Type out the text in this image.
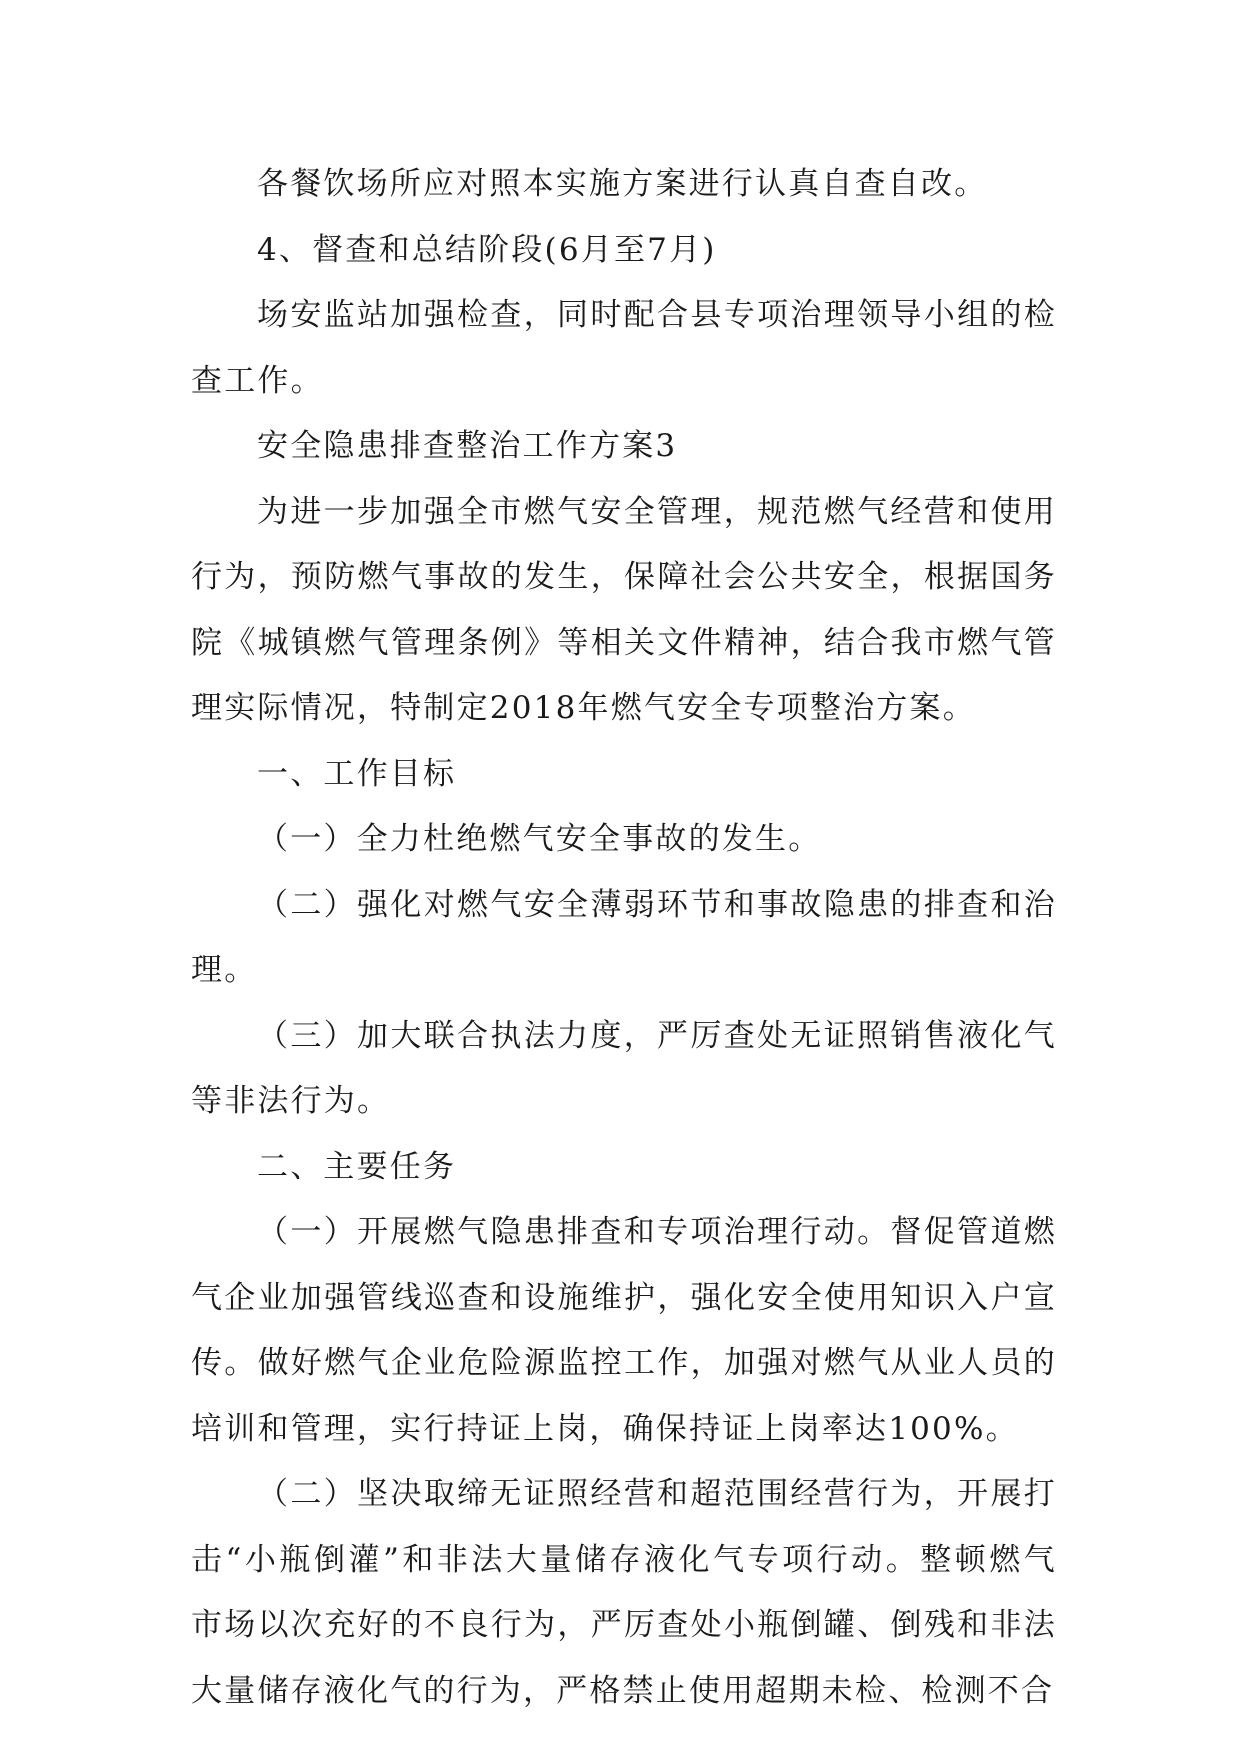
各餐饮场所应对照本实施方案进行认真自查自改。

4、督查和总结阶段(6月至7月)

场安监站加强检查，同时配合县专项治理领导小组的检查工作。

安全隐患排查整治工作方案3

为进一步加强全市燃气安全管理，规范燃气经营和使用行为，预防燃气事故的发生，保障社会公共安全，根据国务院《城镇燃气管理条例》等相关文件精神，结合我市燃气管理实际情况，特制定2018年燃气安全专项整治方案。

一、工作目标

（一）全力杜绝燃气安全事故的发生。

（二）强化对燃气安全薄弱环节和事故隐患的排查和治理。

（三）加大联合执法力度，严厉查处无证照销售液化气等非法行为。

二、主要任务

（一）开展燃气隐患排查和专项治理行动。督促管道燃气企业加强管线巡查和设施维护，强化安全使用知识入户宣传。做好燃气企业危险源监控工作，加强对燃气从业人员的培训和管理，实行持证上岗，确保持证上岗率达100%。

（二）坚决取缔无证照经营和超范围经营行为，开展打击“小瓶倒灌”和非法大量储存液化气专项行动。整顿燃气市场以次充好的不良行为，严厉查处小瓶倒罐、倒残和非法大量储存液化气的行为，严格禁止使用超期未检、检测不合
